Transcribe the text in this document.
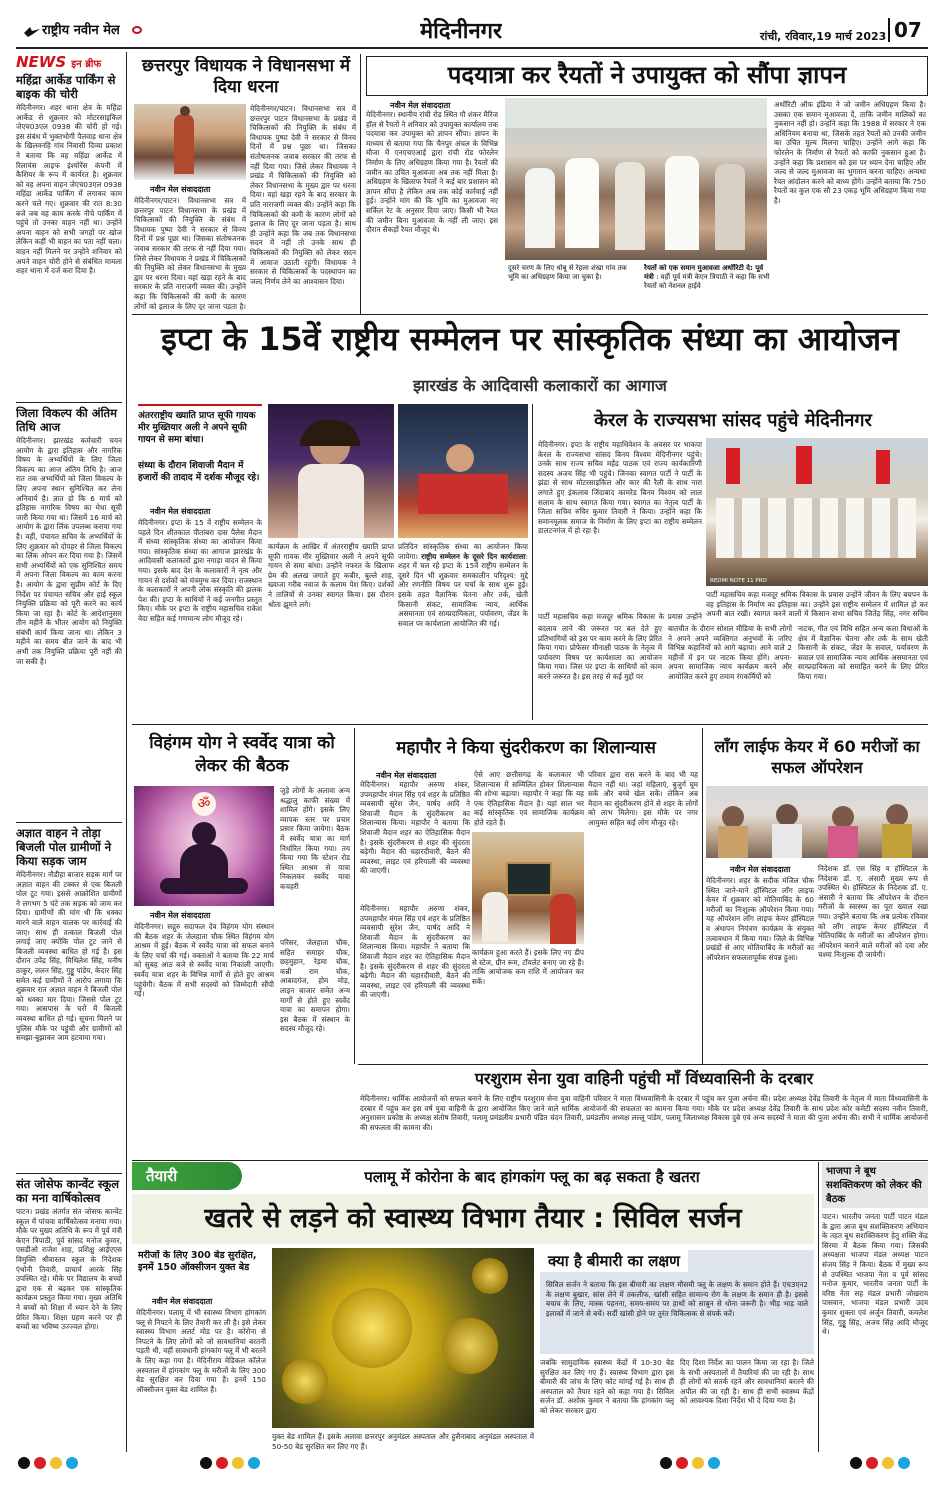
राष्ट्रीय नवीन मेल	मेदिनीनगर	रांची, रविवार,19 मार्च 2023 07
NEWS इन ब्रीफ
महिंद्रा आर्केड पार्किंग से बाइक की चोरी
मेदिनीनगर। शहर थाना क्षेत्र के महिंद्रा आर्केड से शुक्रवार को मोटरसाइकिल जेएच03एल 0938 की चोरी हो गई। इस संबंध में भुक्तभोगी पैलवाड़ थाना क्षेत्र के खिलवनहि गांव निवासी दिव्या प्रकाश ने बताया कि वह महिंद्रा आर्केड में रिलायंस लाइफ इंश्योरेंस कंपनी में कैशियर के रूप में कार्यरत है। शुक्रवार को वह अपना वाहन जेएच03एल 0938 महिंद्रा आर्केड पार्किंग में लगाकर काम करने चले गए। शुक्रवार की रात 8:30 बजे जब वह काम करके नीचे पार्किंग में पहुंचे तो उनका वाहन नहीं था। उन्होंने अपना वाहन को सभी जगहों पर खोज लेकिन कहीं भी वाहन का पता नहीं चला। वाहन नहीं मिलने पर उन्होंने शनिवार को अपने वाहन चोरी होने से संबंधित मामला शहर थाना में दर्ज करा दिया है।
जिला विकल्प की अंतिम तिथि आज
मेदिनीनगर। झारखंड कर्मचारी चयन आयोग के द्वारा इतिहास और नागरिक विषय के अभ्यर्थियों के लिए जिला विकल्प का आज अंतिम तिथि है। आज रात तक अभ्यर्थियों को जिला विकल्प के लिए अपना स्थान सुनिश्चित कर लेना अनिवार्य है। ज्ञात हो कि 6 मार्च को इतिहास नागरिक विषय का मेधा सूची जारी किया गया था। जिसमें 16 मार्च को आयोग के द्वारा लिंक उपलब्ध कराया गया है। वहीं, पंचायत सचिव के अभ्यर्थियों के लिए शुक्रवार को दोपहर से जिला विकल्प का लिंक ओपन कर दिया गया है। जिसमें सभी अभ्यर्थियों को एक सुनिश्चित समय में अपना जिला विकल्प का काम करना है। आयोग के द्वारा सुप्रीम कोर्ट के दिए निर्देश पर पंचायत सचिव और हाई स्कूल नियुक्ति प्रक्रिया को पूरी करने का कार्य किया जा रहा है। कोर्ट के आदेशानुसार तीन महीने के भीतर आयोग को नियुक्ति संबंधी कार्य किया जाना था। लेकिन 3 महीने का समय बीत जाने के बाद भी अभी तक नियुक्ति प्रक्रिया पूरी नहीं की जा सकी है।
अज्ञात वाहन ने तोड़ा बिजली पोल ग्रामीणों ने किया सड़क जाम
मेदिनीनगर। नौडीहा बाजार सड़क मार्ग पर अज्ञात वाहन की टक्कर से एक बिजली पोल टूट गया। इससे आक्रोशित ग्रामीणों ने लगभग 5 घंटे तक सड़क को जाम कर दिया। ग्रामीणों की मांग थी कि धक्का मारने वाले वाहन चालक पर कार्रवाई की जाए। साथ ही तत्काल बिजली पोल लगाई जाए क्योंकि पोल टूट जाने से बिजली व्यवस्था बाधित हो गई है। इस दौरान उपेंद्र सिंह, मिथिलेश सिंह, मनीष ठाकुर, ललन सिंह, गुड्डू पांडेय, केदार सिंह समेत कई ग्रामीणों ने आरोप लगाया कि शुक्रवार रात अज्ञात वाहन ने बिजली पोल को धक्का मार दिया। जिससे पोल टूट गया। आसपास के घरों में बिजली व्यवस्था बाधित हो गई। सूचना मिलने पर पुलिस मौके पर पहुंची और ग्रामीणों को समझा-बुझाकर जाम हटवाया गया।
संत जोसेफ कान्वेंट स्कूल का मना वार्षिकोत्सव
पाटन। प्रखंड अंतर्गत संत जोसफ कान्वेंट स्कूल में पांचवा वार्षिकोत्सव मनाया गया। मौके पर मुख्य अतिथि के रूप में पूर्व मंत्री केएन त्रिपाठी, पूर्व सांसद मनोज कुमार, एसडीओ राजेश शाह, प्रशिक्षु आईएएस विमुक्ति श्रीवास्तव स्कूल के निदेशक एंथोनी तिवारी, प्राचार्य आरके सिंह उपस्थित रहे। मौके पर विद्यालय के बच्चों द्वारा एक से बढ़कर एक सांस्कृतिक कार्यक्रम प्रस्तुत किया गया। मुख्य अतिथि ने बच्चों को शिक्षा में ध्यान देने के लिए प्रेरित किया। शिक्षा ग्रहण करने पर ही बच्चों का भविष्य उज्ज्वल होगा।
छत्तरपुर विधायक ने विधानसभा में दिया धरना
नवीन मेल संवाददाता
मेदिनीनगर/पाटन। विधानसभा सत्र में छत्तरपुर पाटन विधानसभा के प्रखंड में चिकित्सकों की नियुक्ति के संबंध में विधायक पुष्पा देवी ने सरकार से विनय दिनों में प्रश्न पूछा था। जिसका संतोषजनक जवाब सरकार की तरफ से नहीं दिया गया। जिसे लेकर विधायक ने प्रखंड में चिकित्सकों की नियुक्ति को लेकर विधानसभा के मुख्य द्वार पर धरना दिया। वहां खड़ा रहने के बाद सरकार के प्रति नाराजगी व्यक्त की। उन्होंने कहा कि चिकित्सकों की कमी के कारण लोगों को इलाज के लिए दूर जाना पड़ता है।
मेदिनीनगर/पाटन। विधानसभा सत्र में छत्तरपुर पाटन विधानसभा के प्रखंड में चिकित्सकों की नियुक्ति के संबंध में विधायक पुष्पा देवी ने सरकार से विनय दिनों में प्रश्न पूछा था। जिसका संतोषजनक जवाब सरकार की तरफ से नहीं दिया गया। जिसे लेकर विधायक ने प्रखंड में चिकित्सकों की नियुक्ति को लेकर विधानसभा के मुख्य द्वार पर धरना दिया। वहां खड़ा रहने के बाद सरकार के प्रति नाराजगी व्यक्त की। उन्होंने कहा कि चिकित्सकों की कमी के कारण लोगों को इलाज के लिए दूर जाना पड़ता है। साथ ही उन्होंने कहा कि जब तक विधानसभा सदन में नहीं तो उनके साथ ही चिकित्सकों की नियुक्ति को लेकर सदन में आवाज उठाती रहूंगी। विधायक ने सरकार से चिकित्सकों के पदस्थापन का जल्द निर्णय लेने का आश्वासन दिया।
पदयात्रा कर रैयतों ने उपायुक्त को सौंपा ज्ञापन
नवीन मेल संवाददाता
मेदिनीनगर। स्थानीय रांची रोड स्थित गौ शंकर मैरिज हॉल से रैयतों ने शनिवार को उपायुक्त कार्यालय तक पदयात्रा कर उपायुक्त को ज्ञापन सौंपा। ज्ञापन के माध्यम से बताया गया कि चैनपुर अंचल के विभिन्न मौजा में एनएचएआई द्वारा रांची रोड फोरलेन निर्माण के लिए अधिग्रहण किया गया है। रैयतों की जमीन का उचित मुआवजा अब तक नहीं मिला है। अधिग्रहण के खिलाफ रैयतों ने कई बार प्रशासन को ज्ञापन सौंपा है लेकिन अब तक कोई कार्रवाई नहीं हुई। उन्होंने मांग की कि भूमि का मुआवजा नए सर्किल रेट के अनुसार दिया जाए। किसी भी रैयत की जमीन बिना मुआवजा के नहीं ली जाए। इस दौरान सैकड़ों रैयत मौजूद थे।
दूसरे चरण के लिए धोबू से रेहला शंखा गांव तक भूमि का अधिग्रहण किया जा चुका है।
रैयतों को एक समान मुआवजा अथॉरिटी दे: पूर्व मंत्री : वहीं पूर्व मंत्री केएन त्रिपाठी ने कहा कि सभी रैयतों को नेशनल हाईवे
अथॉरिटी ऑफ इंडिया ने जो जमीन अधिग्रहण किया है। उसका एक समान मुआवजा दें, ताकि जमीन मालिकों का नुकसान नहीं हो। उन्होंने कहा कि 1988 में सरकार ने एक अधिनियम बनाया था, जिसके तहत रैयतों को उनकी जमीन का उचित मूल्य मिलना चाहिए। उन्होंने आगे कहा कि फोरलेन के निर्माण से रैयतों को काफी नुकसान हुआ है। उन्होंने कहा कि प्रशासन को इस पर ध्यान देना चाहिए और जल्द से जल्द मुआवजा का भुगतान करना चाहिए। अन्यथा रैयत आंदोलन करने को बाध्य होंगे। उन्होंने बताया कि 750 रैयतों का कुल एक सौ 23 एकड़ भूमि अधिग्रहण किया गया है।
इप्टा के 15वें राष्ट्रीय सम्मेलन पर सांस्कृतिक संध्या का आयोजन
झारखंड के आदिवासी कलाकारों का आगाज
अंतरराष्ट्रीय ख्याति प्राप्त सूफी गायक मीर मुख्तियार अली ने अपने सूफी गायन से समा बांधा।
संध्या के दौरान शिवाजी मैदान में हजारों की तादाद में दर्शक मौजूद रहे।
नवीन मेल संवाददाता
मेदिनीनगर। इप्टा के 15 वें राष्ट्रीय सम्मेलन के पहले दिन शीतकाल पीतांबरा दास पैलेस मैदान में संध्या सांस्कृतिक संध्या का आयोजन किया गया। सांस्कृतिक संध्या का आगाज झारखंड के आदिवासी कलाकारों द्वारा नगाड़ा वादन से किया गया। इसके बाद देश के कलाकारों ने नृत्य और गायन से दर्शकों को मंत्रमुग्ध कर दिया। राजस्थान के कलाकारों ने अपनी लोक संस्कृति की झलक पेश की। इप्टा के साथियों ने कई जनगीत प्रस्तुत किए। मौके पर इप्टा के राष्ट्रीय महासचिव राकेश वेदा सहित कई गणमान्य लोग मौजूद रहे।
कार्यक्रम के आखिर में अंतरराष्ट्रीय ख्याति प्राप्त सूफी गायक मीर मुख्तियार अली ने अपने सूफी गायन से समा बांधा। उन्होंने नफरत के खिलाफ प्रेम की अलख जगाते हुए कबीर, बुल्ले शाह, ख्वाजा गरीब नवाज के कलाम पेश किए। दर्शकों ने तालियों से उनका स्वागत किया। इस दौरान श्रोता झूमने लगे।
प्रतिदिन सांस्कृतिक संध्या का आयोजन किया जायेगा। राष्ट्रीय सम्मेलन के दूसरे दिन कार्यशाला: शहर में चल रहे इप्टा के 15वें राष्ट्रीय सम्मेलन के दूसरे दिन भी शुक्रवार समकालीन परिदृश्य: मुद्दे और रणनीति विषय पर चर्चा के साथ शुरू हुई। इसके तहत वैज्ञानिक चेतना और तर्क, खेती किसानी संकट, सामाजिक न्याय, आर्थिक असमानता एवं साम्प्रदायिकता, पर्यावरण, जेंडर के सवाल पर कार्यशाला आयोजित की गई।
केरल के राज्यसभा सांसद पहुंचे मेदिनीनगर
मेदिनीनगर। इप्टा के राष्ट्रीय महाधिवेशन के अवसर पर भाकपा केरल के राज्यसभा सांसद बिनय विश्वम मेदिनीनगर पहुंचे। उनके साथ राज्य सचिव महेंद्र पाठक एवं राज्य कार्यकारिणी सदस्य अजय सिंह भी पहुंचे। जिनका स्वागत पार्टी ने पार्टी के झंडा से साथ मोटरसाइकिल और कार की रैली के साथ नारा लगाते हुए इंकलाब जिंदाबाद कामरेड बिनय विश्वम को लाल सलाम के साथ स्वागत किया गया। स्वागत का नेतृत्व पार्टी के जिला सचिव रुचिर कुमार तिवारी ने किया। उन्होंने कहा कि समानमूलक समाज के निर्माण के लिए इप्टा का राष्ट्रीय सम्मेलन डालटनगंज में हो रहा है।
REDMI NOTE 11 PRO
पार्टी महासचिव कहा मजदूर श्रमिक विकास के प्रयास उन्होंने जीवन के लिए बचपन के वह इतिहास के निर्माण का इतिहास का। उन्होंने इस राष्ट्रीय सम्मेलन में शामिल हो कर अपनी बात रखी। स्वागत करने वालों में किसान सभा सचिव जितेंद्र सिंह, नगर सचिव
पार्टी महासचिव कहा मजदूर श्रमिक विकास के प्रयास उन्होंने
बदलाव लाने की जरूरत पर बल देते हुए प्रतिभागियों को इस पर काम करने के लिए प्रेरित किया गया। प्रोफेसर मीनाक्षी पाठक के नेतृत्व में पर्यावरण विषय पर कार्यशाला का आयोजन किया गया। जिस पर इप्टा के साथियों को काम करने जरूरत है। इस तरह से कई मुद्दों पर
बातचीत के दौरान सोशल मीडिया के सभी लोगों ने अपने अपने व्यक्तिगत अनुभवों के जरिए विभिन्न कहानियों को आगे बढ़ाया। आने वाले 2 महीनों में इन पर नाटक किया होंगे। अपना-अपना सामाजिक न्याय कार्यक्रम करने और आयोजित करने हुए तमाम रंगकर्मियों को
नाटक, गीत एवं विधि सहित अन्य कला विधाओं के क्षेत्र में वैज्ञानिक चेतना और तर्क के साथ खेती किसानी के संकट, जेंडर के सवाल, पर्यावरण के सवाल एवं सामाजिक न्याय आर्थिक असमानता एवं साम्प्रदायिकता को समाहित करने के लिए प्रेरित किया गया।
विहंगम योग ने स्वर्वेद यात्रा को लेकर की बैठक
ॐ
नवीन मेल संवाददाता
मेदिनीनगर। सद्गुरु सदाफल देव विहंगम योग संस्थान की बैठक शहर के जेलहाता चौक स्थित विहंगम योग आश्रम में हुई। बैठक में स्वर्वेद यात्रा को सफल बनाने के लिए चर्चा की गई। वक्ताओं ने बताया कि 22 मार्च को सुबह आठ बजे से स्वर्वेद यात्रा निकाली जाएगी। स्वर्वेद यात्रा शहर के विभिन्न मार्गों से होते हुए आश्रम पहुंचेगी। बैठक में सभी सदस्यों को जिम्मेदारी सौंपी गई।
जुड़े लोगों के अलावा अन्य श्रद्धालु काफी संख्या में शामिल होंगे। इसके लिए व्यापक स्तर पर प्रचार प्रसार किया जायेगा। बैठक में स्वर्वेद यात्रा का मार्ग निर्धारित किया गया। तय किया गया कि स्टेशन रोड स्थित आश्रम से यात्रा निकलकर स्वर्वेद यात्रा कचहरी
परिसर, जेलहाता चौक, सहित समाहर चौक, छहमुहान, रेड़मा चौक, कन्नी राम चौक, आबादगंज, होम मोड़, लाइन बाजार समेत अन्य मार्गों से होते हुए स्वर्वेद यात्रा का समापन होगा। इस बैठक में संस्थान के सदस्य मौजूद रहे।
महापौर ने किया सुंदरीकरण का शिलान्यास
नवीन मेल संवाददाता
मेदिनीनगर। महापौर अरुणा शंकर, उपमहापौर मंगल सिंह एवं शहर के प्रतिष्ठित व्यवसायी सुरेश जैन, पार्षद आदि ने शिवाजी मैदान के सुंदरीकरण का शिलान्यास किया। महापौर ने बताया कि शिवाजी मैदान शहर का ऐतिहासिक मैदान है। इसके सुंदरीकरण से शहर की सुंदरता बढ़ेगी। मैदान की चहारदीवारी, बैठने की व्यवस्था, लाइट एवं हरियाली की व्यवस्था की जाएगी।
ऐसे आए छत्तीसगढ़ के कलाकार भी शिलान्यास में सम्मिलित होकर शिलान्यास की शोभा बढ़ाया। महापौर ने कहा कि यह एक ऐतिहासिक मैदान है। यहां साल भर कई सांस्कृतिक एवं सामाजिक कार्यक्रम होते रहते हैं।
परिवार द्वारा रास करने के बाद भी यह मैदान नहीं था। जहां महिलाएं, बुजुर्ग घूम सकें और बच्चे खेल सकें। लेकिन अब मैदान का सुंदरीकरण होने से शहर के लोगों को लाभ मिलेगा। इस मौके पर नगर आयुक्त सहित कई लोग मौजूद रहे।
कार्यक्रम हुआ करते हैं। इसके लिए नए डीप से स्टेज, ग्रीन रूम, टॉयलेट बनाए जा रहे हैं। ताकि आयोजक कम राशि में आयोजन कर सकें।
मेदिनीनगर। महापौर अरुणा शंकर, उपमहापौर मंगल सिंह एवं शहर के प्रतिष्ठित व्यवसायी सुरेश जैन, पार्षद आदि ने शिवाजी मैदान के सुंदरीकरण का शिलान्यास किया। महापौर ने बताया कि शिवाजी मैदान शहर का ऐतिहासिक मैदान है। इसके सुंदरीकरण से शहर की सुंदरता बढ़ेगी। मैदान की चहारदीवारी, बैठने की व्यवस्था, लाइट एवं हरियाली की व्यवस्था की जाएगी।
लॉंग लाईफ केयर में 60 मरीजों का सफल ऑपरेशन
नवीन मेल संवाददाता
मेदिनीनगर। शहर के सदीक मंजिल चौक स्थित जाने-माने हॉस्पिटल लॉंग लाइफ केयर में शुक्रवार को मोतियाबिंद के 60 मरीजों का निःशुल्क ऑपरेशन किया गया। यह ऑपरेशन लॉंग लाइफ केयर हॉस्पिटल व अंधापन नियंत्रण कार्यक्रम के संयुक्त तत्वावधान में किया गया। जिले के विभिन्न प्रखंडों से आए मोतियाबिंद के मरीजों का ऑपरेशन सफलतापूर्वक संपन्न हुआ।
निदेशक डॉ. एस सिंह व हॉस्पिटल के निदेशक डॉ. ए. अंसारी मुख्य रूप से उपस्थित थे। हॉस्पिटल के निदेशक डॉ. ए. अंसारी ने बताया कि ऑपरेशन के दौरान मरीजों के स्वास्थ्य का पूरा ख्याल रखा गया। उन्होंने बताया कि अब प्रत्येक रविवार को लॉंग लाइफ केयर हॉस्पिटल में मोतियाबिंद के मरीजों का ऑपरेशन होगा। ऑपरेशन कराने वाले मरीजों को दवा और चश्मा निःशुल्क दी जायेगी।
परशुराम सेना युवा वाहिनी पहुंची माँ विंध्यवासिनी के दरबार
मेदिनीनगर। धार्मिक आयोजनों को सफल बनाने के लिए राष्ट्रीय परशुराम सेना युवा वाहिनी परिवार ने माता विंध्यवासिनी के दरबार में पहुंच कर पूजा अर्चना की। प्रदेश अध्यक्ष देवेंद्र तिवारी के नेतृत्व में माता विंध्यवासिनी के दरबार में पहुंच कर इस वर्ष युवा वाहिनी के द्वारा आयोजित किए जाने वाले धार्मिक आयोजनों की सफलता का कामना किया गया। मौके पर प्रदेश अध्यक्ष देवेंद्र तिवारी के साथ प्रदेश कोर कमेटी सदस्य नवीन तिवारी, अनुशासन प्रकोष्ठ के अध्यक्ष संतोष तिवारी, पलामू प्रमंडलीय प्रभारी पंडित चंदन तिवारी, प्रमंडलीय अध्यक्ष लल्लू पांडेय, पलामू जिलाध्यक्ष विकास दुबे एवं अन्य सदस्यों ने माता की पूजा अर्चना की। सभी ने धार्मिक आयोजनों की सफलता की कामना की।
तैयारी	पलामू में कोरोना के बाद हांगकांग फ्लू का बढ़ सकता है खतरा
खतरे से लड़ने को स्वास्थ्य विभाग तैयार : सिविल सर्जन
मरीजों के लिए 300 बेड सुरक्षित, इनमें 150 ऑक्सीजन युक्त बेड
नवीन मेल संवाददाता
मेदिनीनगर। पलामू में भी स्वास्थ्य विभाग हांगकांग फ्लू से निपटने के लिए तैयारी कर ली है। इसे लेकर स्वास्थ्य विभाग अलर्ट मोड पर है। कोरोना से निपटने के लिए लोगों को जो सावधानियां बरतनी पड़ती थी, वहीं सावधानी हांगकांग फ्लू में भी बरतने के लिए कहा गया है। मेदिनीराय मेडिकल कॉलेज अस्पताल में हांगकांग फ्लू के मरीजों के लिए 300 बेड सुरक्षित कर दिया गया है। इनमें 150 ऑक्सीजन युक्त बेड शामिल हैं।
युक्त बेड शामिल हैं। इसके अलावा छत्तरपुर अनुमंडल अस्पताल और हुसैनाबाद अनुमंडल अस्पताल में 50-50 बेड सुरक्षित कर लिए गए हैं।
क्या है बीमारी का लक्षण
सिविल सर्जन ने बताया कि इस बीमारी का लक्षण मौसमी फ्लू के लक्षण के समान होते हैं। एच3एन2 के लक्षण बुखार, सांस लेने में तकलीफ, खांसी सहित सामान्य रोग के लक्षण के समान ही है। इससे बचाव के लिए, मास्क पहनना, समय-समय पर हाथों को साबुन से धोना जरूरी है। भीड़ भाड़ वाले इलाकों में जाने से बचें। सर्दी खांसी होने पर तुरंत चिकित्सक से संपर्क करें।
जबकि सामुदायिक स्वास्थ्य केंद्रों में 10-30 बेड सुरक्षित कर लिए गए हैं। स्वास्थ्य विभाग द्वारा इस बीमारी की जांच के लिए कोट मांगई गई है। साथ ही अस्पताल को तैयार रहने को कहा गया है। सिविल सर्जन डॉ. अशोक कुमार ने बताया कि हांगकांग फ्लू को लेकर सरकार द्वारा
दिए दिशा निर्देश का पालन किया जा रहा है। जिले के सभी अस्पतालों में तैयारियां की जा रही है। साथ ही लोगों को सतर्क रहने और सावधानियां बरतने की अपील की जा रही है। साथ ही सभी स्वास्थ्य केंद्रों को आवश्यक दिशा निर्देश भी दे दिया गया है।
भाजपा ने बूथ सशक्तिकरण को लेकर की बैठक
पाटन। भारतीय जनता पार्टी पाटन मंडल के द्वारा आज बूथ सशक्तिकरण अभियान के तहत बूथ सशक्तिकरण हेतु शक्ति केंद्र सिरमा में बैठक किया गया। जिसकी अध्यक्षता भाजपा मंडल अध्यक्ष पाटन संजय सिंह ने किया। बैठक में मुख्य रूप से उपस्थित भाजपा नेता व पूर्व सांसद मनोज कुमार, भारतीय जनता पार्टी के वरिष्ठ नेता सह मंडल प्रभारी जोखराय पासवान, भाजपा मंडल प्रभारी उदय कुमार शुक्ला एवं अर्जुन तिवारी, कमलेश सिंह, गुड्डू सिंह, अजय सिंह आदि मौजूद थे।
